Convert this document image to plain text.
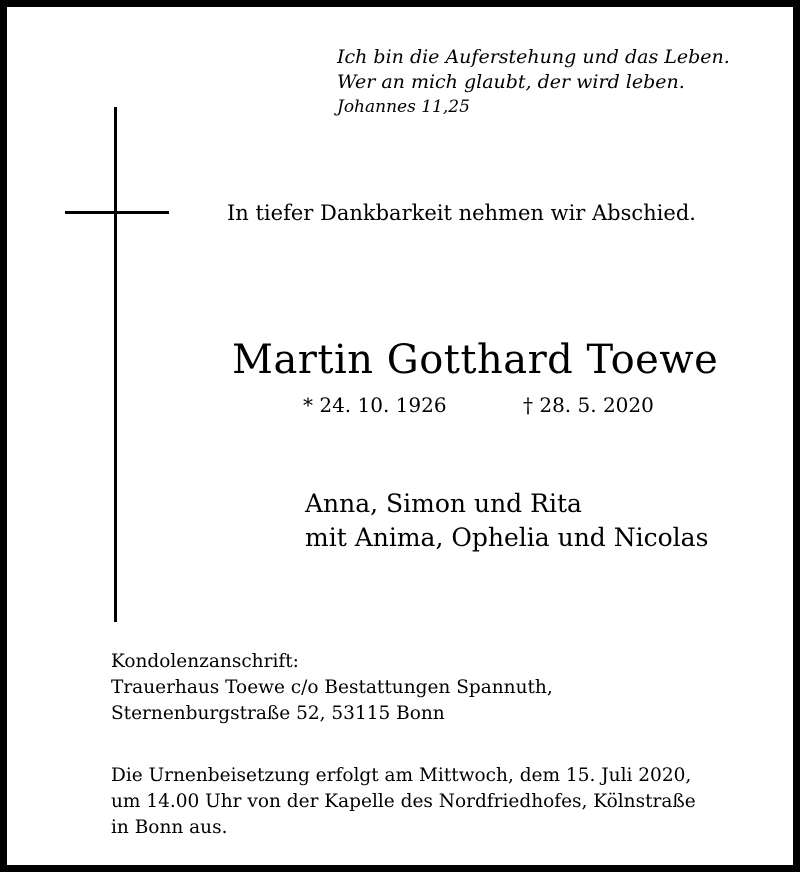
Ich bin die Auferstehung und das Leben.
Wer an mich glaubt, der wird leben.
Johannes 11,25
In tiefer Dankbarkeit nehmen wir Abschied.
Martin Gotthard Toewe
* 24. 10. 1926	† 28. 5. 2020
Anna, Simon und Rita
mit Anima, Ophelia und Nicolas
Kondolenzanschrift:
Trauerhaus Toewe c/o Bestattungen Spannuth,
Sternenburgstraße 52, 53115 Bonn
Die Urnenbeisetzung erfolgt am Mittwoch, dem 15. Juli 2020,
um 14.00 Uhr von der Kapelle des Nordfriedhofes, Kölnstraße
in Bonn aus.
